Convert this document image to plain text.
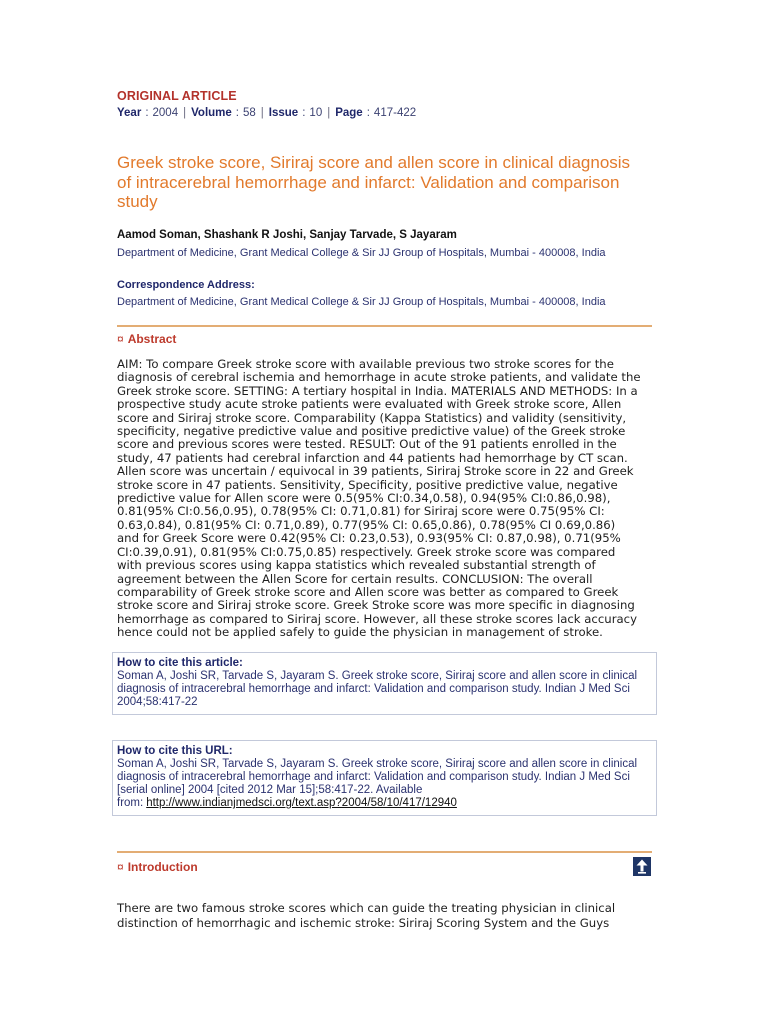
ORIGINAL ARTICLE
Year : 2004 | Volume : 58 | Issue : 10 | Page : 417-422
Greek stroke score, Siriraj score and allen score in clinical diagnosis
of intracerebral hemorrhage and infarct: Validation and comparison
study
Aamod Soman, Shashank R Joshi, Sanjay Tarvade, S Jayaram
Department of Medicine, Grant Medical College & Sir JJ Group of Hospitals, Mumbai - 400008, India
Correspondence Address:
Department of Medicine, Grant Medical College & Sir JJ Group of Hospitals, Mumbai - 400008, India
¤ Abstract
AIM: To compare Greek stroke score with available previous two stroke scores for the
diagnosis of cerebral ischemia and hemorrhage in acute stroke patients, and validate the
Greek stroke score. SETTING: A tertiary hospital in India. MATERIALS AND METHODS: In a
prospective study acute stroke patients were evaluated with Greek stroke score, Allen
score and Siriraj stroke score. Comparability (Kappa Statistics) and validity (sensitivity,
specificity, negative predictive value and positive predictive value) of the Greek stroke
score and previous scores were tested. RESULT: Out of the 91 patients enrolled in the
study, 47 patients had cerebral infarction and 44 patients had hemorrhage by CT scan.
Allen score was uncertain / equivocal in 39 patients, Siriraj Stroke score in 22 and Greek
stroke score in 47 patients. Sensitivity, Specificity, positive predictive value, negative
predictive value for Allen score were 0.5(95% CI:0.34,0.58), 0.94(95% CI:0.86,0.98),
0.81(95% CI:0.56,0.95), 0.78(95% CI: 0.71,0.81) for Siriraj score were 0.75(95% CI:
0.63,0.84), 0.81(95% CI: 0.71,0.89), 0.77(95% CI: 0.65,0.86), 0.78(95% CI 0.69,0.86)
and for Greek Score were 0.42(95% CI: 0.23,0.53), 0.93(95% CI: 0.87,0.98), 0.71(95%
CI:0.39,0.91), 0.81(95% CI:0.75,0.85) respectively. Greek stroke score was compared
with previous scores using kappa statistics which revealed substantial strength of
agreement between the Allen Score for certain results. CONCLUSION: The overall
comparability of Greek stroke score and Allen score was better as compared to Greek
stroke score and Siriraj stroke score. Greek Stroke score was more specific in diagnosing
hemorrhage as compared to Siriraj score. However, all these stroke scores lack accuracy
hence could not be applied safely to guide the physician in management of stroke.
How to cite this article:
Soman A, Joshi SR, Tarvade S, Jayaram S. Greek stroke score, Siriraj score and allen score in clinical
diagnosis of intracerebral hemorrhage and infarct: Validation and comparison study. Indian J Med Sci
2004;58:417-22
How to cite this URL:
Soman A, Joshi SR, Tarvade S, Jayaram S. Greek stroke score, Siriraj score and allen score in clinical
diagnosis of intracerebral hemorrhage and infarct: Validation and comparison study. Indian J Med Sci
[serial online] 2004 [cited 2012 Mar 15];58:417-22. Available
from: http://www.indianjmedsci.org/text.asp?2004/58/10/417/12940
¤ Introduction
There are two famous stroke scores which can guide the treating physician in clinical
distinction of hemorrhagic and ischemic stroke: Siriraj Scoring System and the Guys
